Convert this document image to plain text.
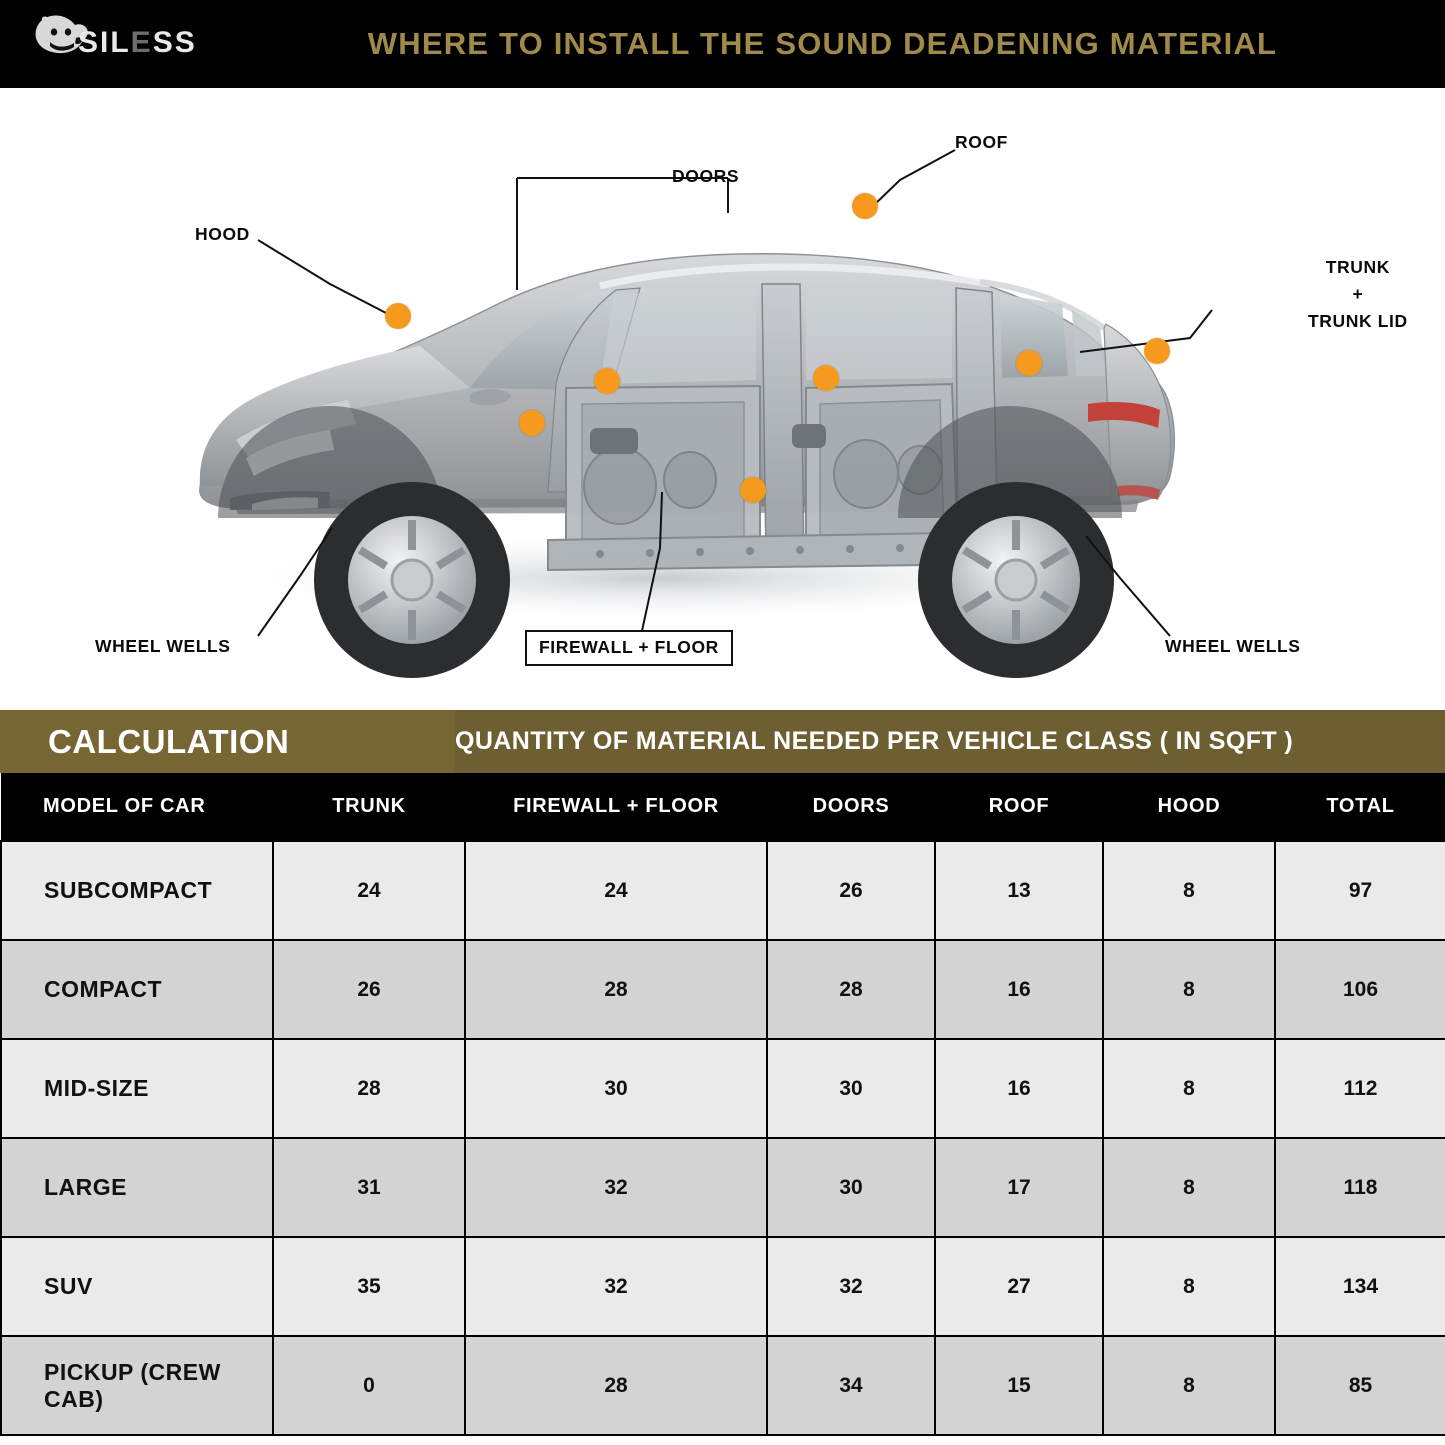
SILESS	WHERE TO INSTALL THE SOUND DEADENING MATERIAL
ROOF
DOORS
HOOD
TRUNK
+
TRUNK LID
WHEEL WELLS	FIREWALL + FLOOR	WHEEL WELLS
CALCULATION	QUANTITY OF MATERIAL NEEDED PER VEHICLE CLASS ( IN SQFT )
MODEL OF CAR	TRUNK	FIREWALL + FLOOR	DOORS	ROOF	HOOD	TOTAL
SUBCOMPACT	24	24	26	13	8	97
COMPACT	26	28	28	16	8	106
MID-SIZE	28	30	30	16	8	112
LARGE	31	32	30	17	8	118
SUV	35	32	32	27	8	134
PICKUP (CREW CAB)	0	28	34	15	8	85
